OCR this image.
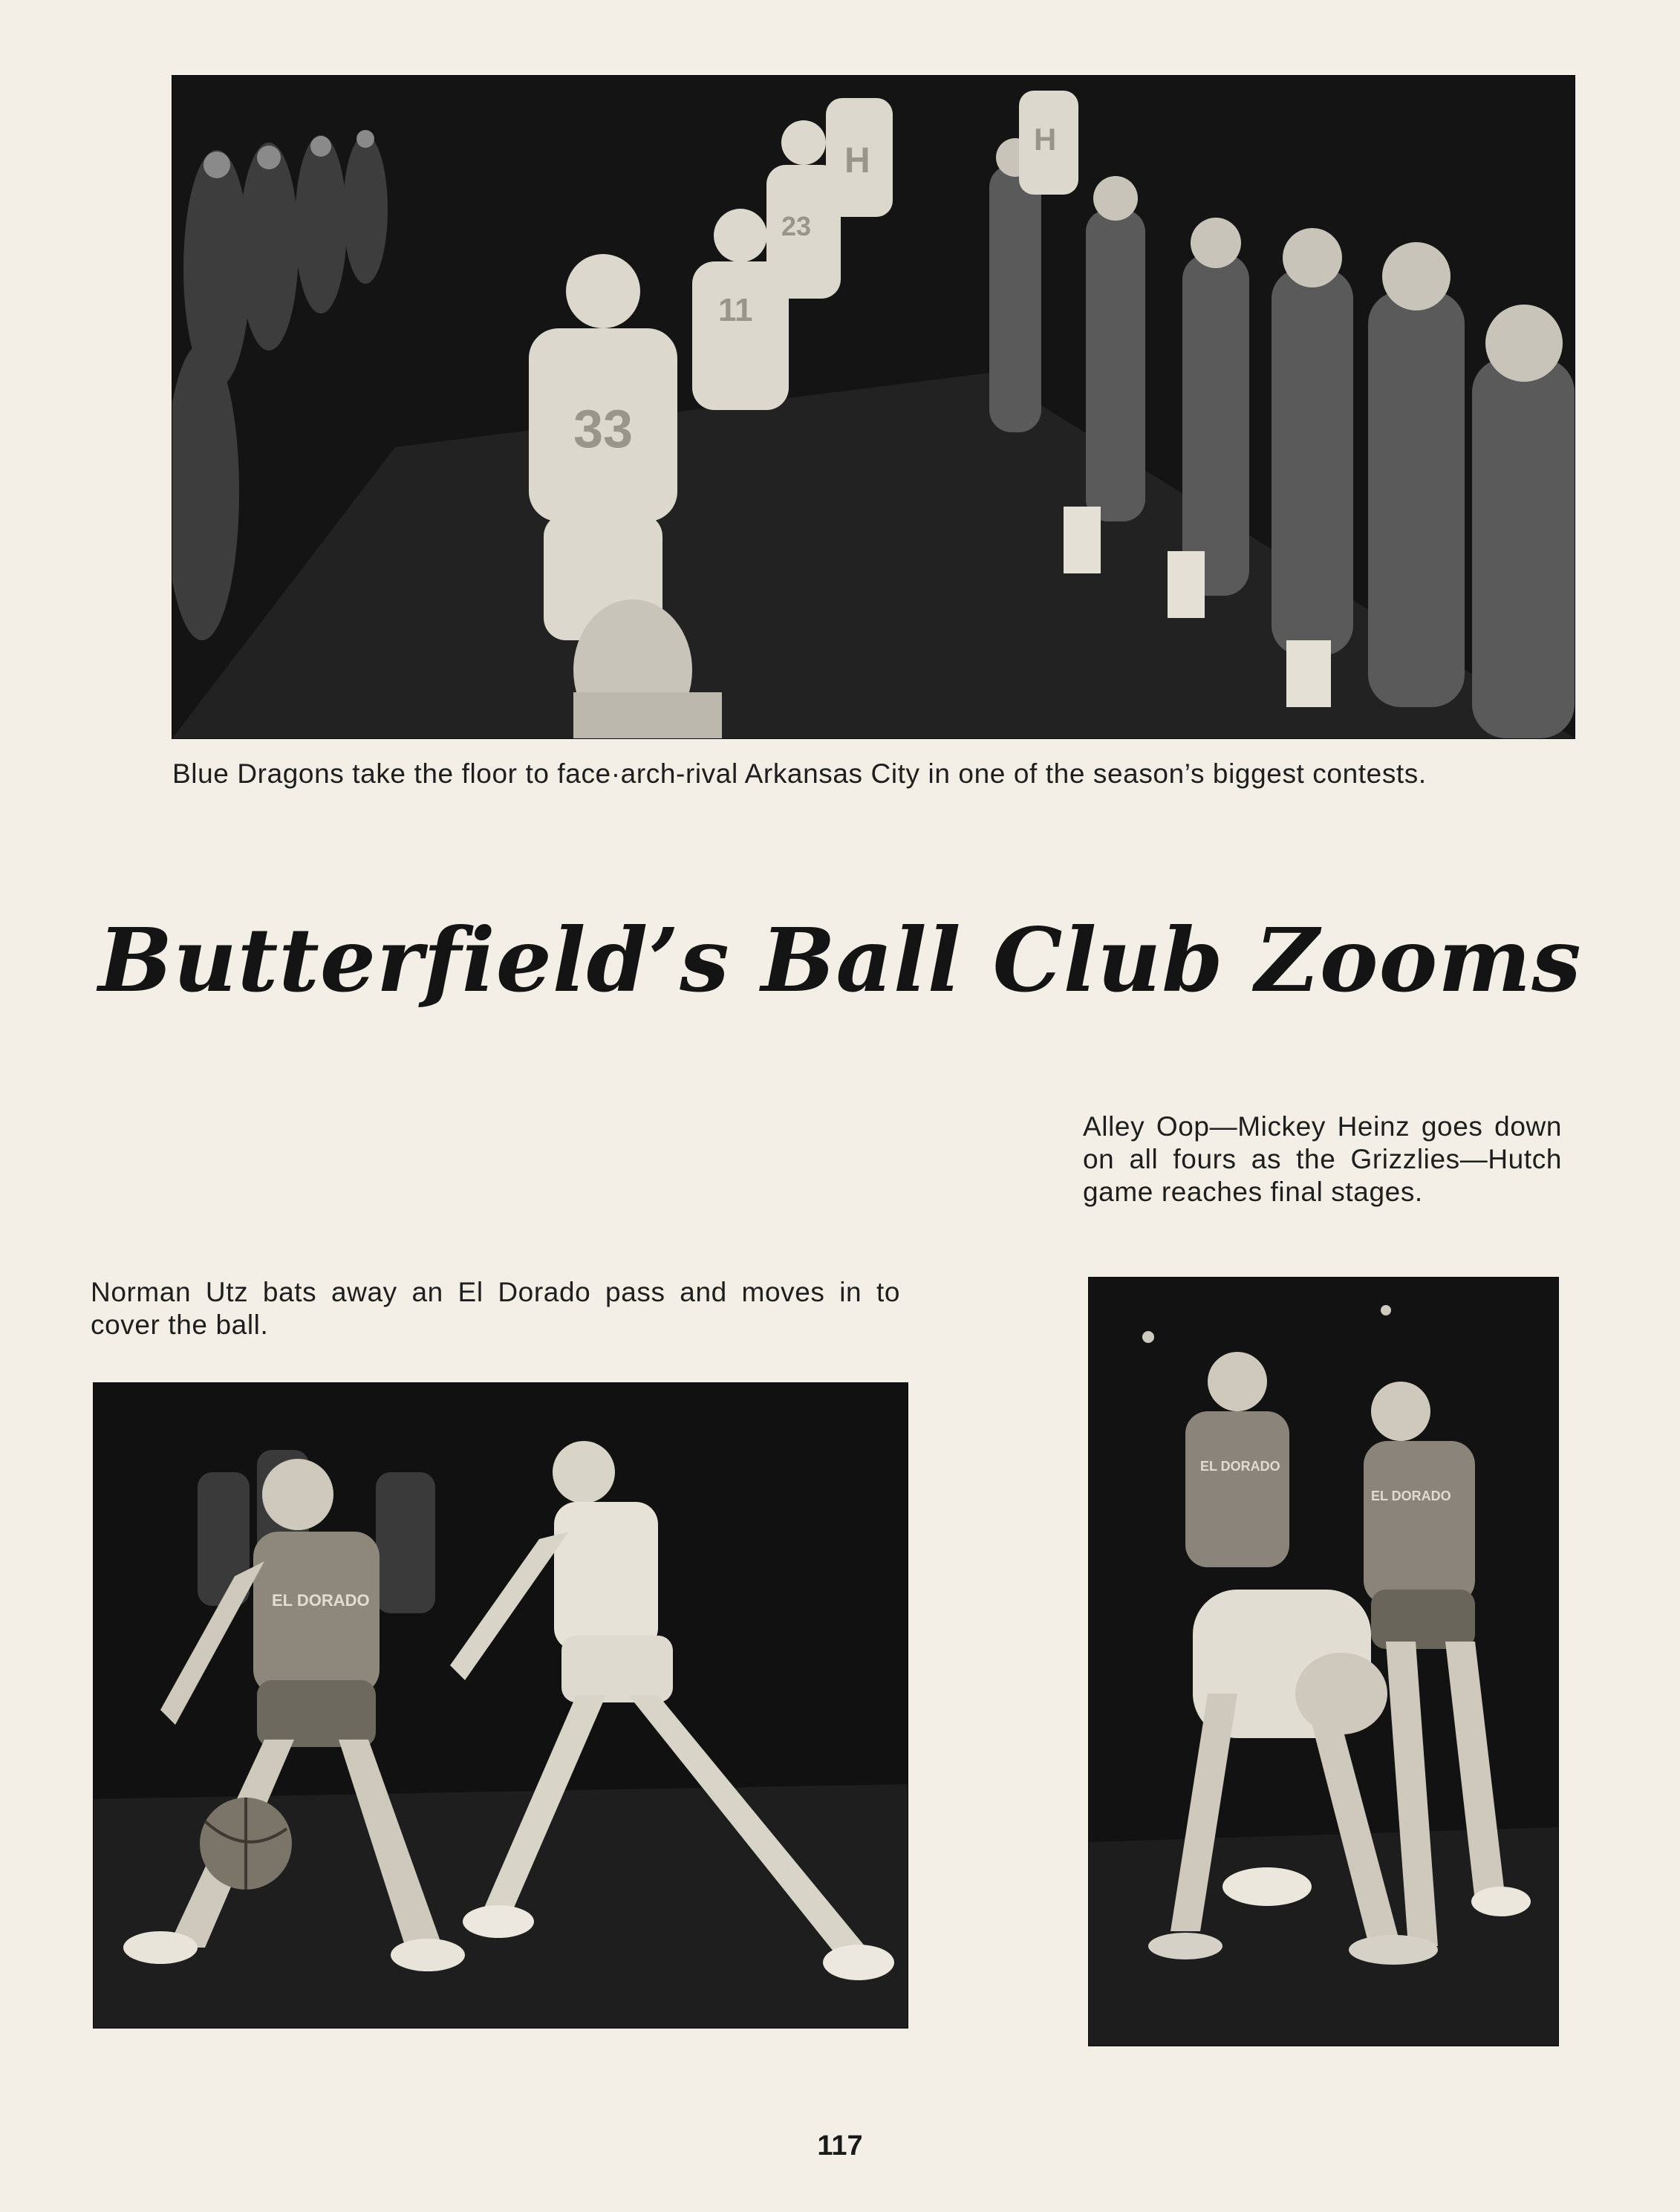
33
11
23
H
H
Blue Dragons take the floor to face·arch-rival Arkansas City in one of the season’s biggest contests.
Butterfield’s Ball Club Zooms
Alley Oop—Mickey Heinz goes down on all fours as the Grizzlies—Hutch game reaches final stages.
Norman Utz bats away an El Dorado pass and moves in to cover the ball.
EL DORADO
EL DORADO
EL DORADO
117
